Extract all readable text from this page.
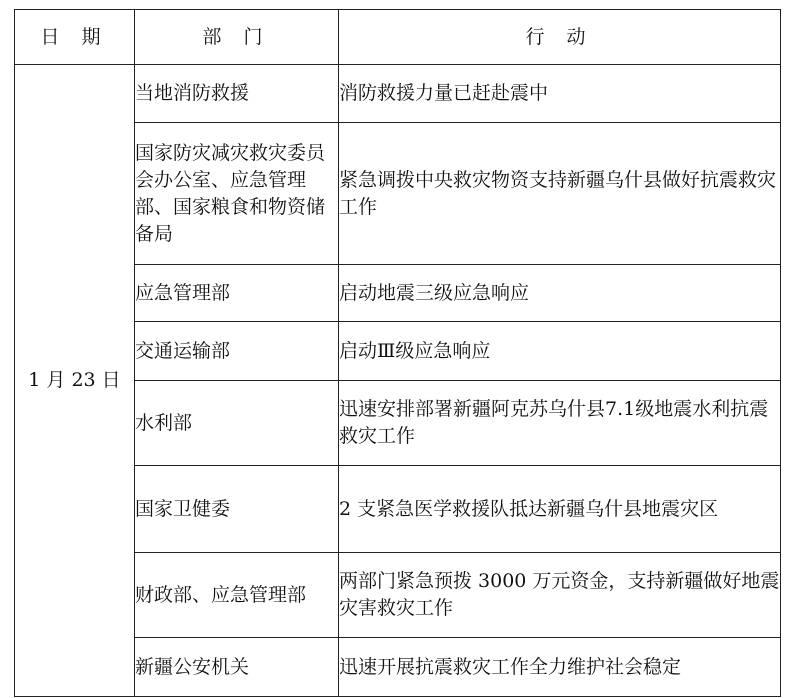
日 期	部 门	行 动
1 月 23 日	当地消防救援	消防救援力量已赶赴震中
	国家防灾减灾救灾委员会办公室、应急管理部、国家粮食和物资储备局	紧急调拨中央救灾物资支持新疆乌什县做好抗震救灾工作
	应急管理部	启动地震三级应急响应
	交通运输部	启动Ⅲ级应急响应
	水利部	迅速安排部署新疆阿克苏乌什县7.1级地震水利抗震救灾工作
	国家卫健委	2 支紧急医学救援队抵达新疆乌什县地震灾区
	财政部、应急管理部	两部门紧急预拨 3000 万元资金，支持新疆做好地震灾害救灾工作
	新疆公安机关	迅速开展抗震救灾工作全力维护社会稳定
